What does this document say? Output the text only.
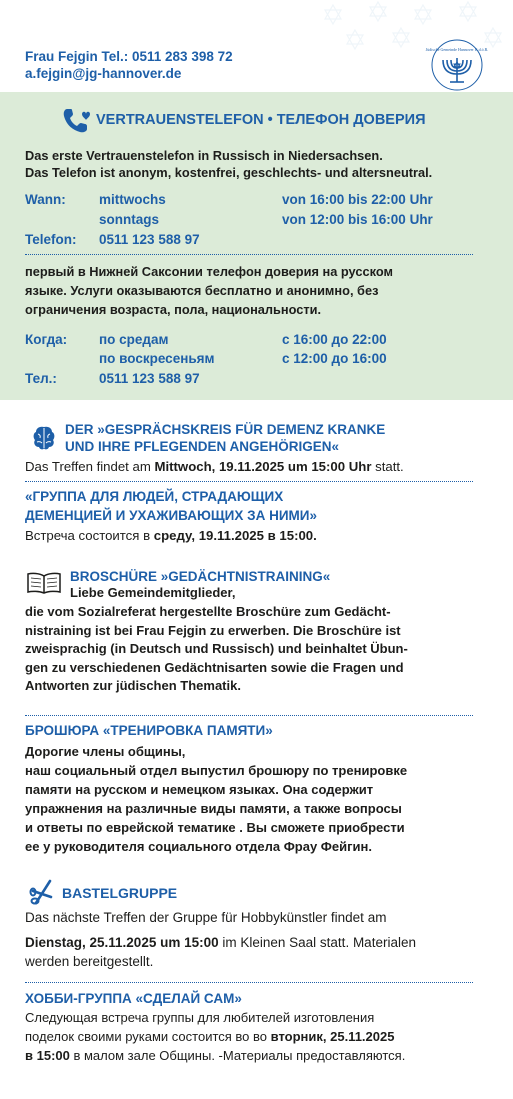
Frau Fejgin Tel.: 0511 283 398 72
a.fejgin@jg-hannover.de
Jüdische Gemeinde Hannover K.d.ö.R.
VERTRAUENSTELEFON • ТЕЛЕФОН ДОВЕРИЯ
Das erste Vertrauenstelefon in Russisch in Niedersachsen.
Das Telefon ist anonym, kostenfrei, geschlechts- und altersneutral.
Wann: mittwochs	von 16:00 bis 22:00 Uhr
sonntags	von 12:00 bis 16:00 Uhr
Telefon: 0511 123 588 97
первый в Нижней Саксонии телефон доверия на русском
языке. Услуги оказываются бесплатно и анонимно, без
ограничения возраста, пола, национальности.
Когда: по средам	с 16:00 до 22:00
по воскресеньям	с 12:00 до 16:00
Тел.:	0511 123 588 97
DER »GESPRÄCHSKREIS FÜR DEMENZ KRANKE
UND IHRE PFLEGENDEN ANGEHÖRIGEN«
Das Treffen findet am Mittwoch, 19.11.2025 um 15:00 Uhr statt.
«ГРУППА ДЛЯ ЛЮДЕЙ, СТРАДАЮЩИХ
ДЕМЕНЦИЕЙ И УХАЖИВАЮЩИХ ЗА НИМИ»
Встреча состоится в среду, 19.11.2025 в 15:00.
BROSCHÜRE »GEDÄCHTNISTRAINING«
Liebe Gemeindemitglieder,
die vom Sozialreferat hergestellte Broschüre zum Gedächt-
nistraining ist bei Frau Fejgin zu erwerben. Die Broschüre ist
zweisprachig (in Deutsch und Russisch) und beinhaltet Übun-
gen zu verschiedenen Gedächtnisarten sowie die Fragen und
Antworten zur jüdischen Thematik.
БРОШЮРА «ТРЕНИРОВКА ПАМЯТИ»
Дорогие члены общины,
наш социальный отдел выпустил брошюру по тренировке
памяти на русском и немецком языках. Она содержит
упражнения на различные виды памяти, а также вопросы
и ответы по еврейской тематике . Вы сможете приобрести
ее у руководителя социального отдела Фрау Фейгин.
BASTELGRUPPE
Das nächste Treffen der Gruppe für Hobbykünstler findet am
Dienstag, 25.11.2025 um 15:00 im Kleinen Saal statt. Materialen
werden bereitgestellt.
ХОББИ-ГРУППА «СДЕЛАЙ САМ»
Следующая встреча группы для любителей изготовления
поделок своими руками состоится во во вторник, 25.11.2025
в 15:00 в малом зале Общины. -Материалы предоставляются.
